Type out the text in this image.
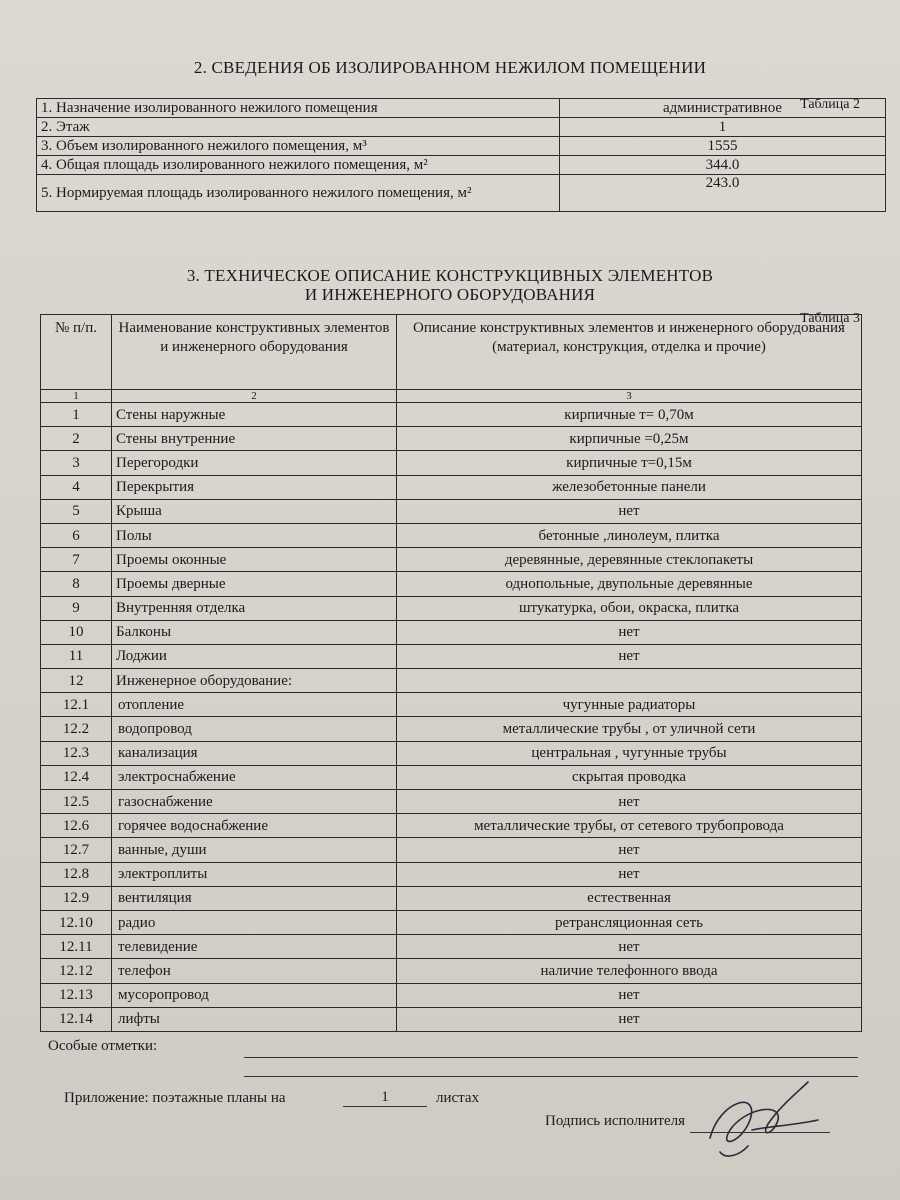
2. СВЕДЕНИЯ ОБ ИЗОЛИРОВАННОМ НЕЖИЛОМ ПОМЕЩЕНИИ
Таблица 2
1. Назначение изолированного нежилого помещения	административное
2. Этаж	1
3. Объем изолированного нежилого помещения, м³	1555
4. Общая площадь изолированного нежилого помещения, м²	344.0
5. Нормируемая площадь изолированного нежилого помещения, м²	243.0
3. ТЕХНИЧЕСКОЕ ОПИСАНИЕ КОНСТРУКЦИВНЫХ ЭЛЕМЕНТОВ
И ИНЖЕНЕРНОГО ОБОРУДОВАНИЯ
Таблица 3
№ п/п.	Наименование конструктивных элементов и инженерного оборудования	Описание конструктивных элементов и инженерного оборудования (материал, конструкция, отделка и прочие)
1	2	3
1	Стены наружные	кирпичные т= 0,70м
2	Стены внутренние	кирпичные =0,25м
3	Перегородки	кирпичные т=0,15м
4	Перекрытия	железобетонные панели
5	Крыша	нет
6	Полы	бетонные ,линолеум, плитка
7	Проемы оконные	деревянные, деревянные стеклопакеты
8	Проемы дверные	однопольные, двупольные деревянные
9	Внутренняя отделка	штукатурка, обои, окраска, плитка
10	Балконы	нет
11	Лоджии	нет
12	Инженерное оборудование:	
12.1	отопление	чугунные радиаторы
12.2	водопровод	металлические трубы , от уличной сети
12.3	канализация	центральная , чугунные трубы
12.4	электроснабжение	скрытая проводка
12.5	газоснабжение	нет
12.6	горячее водоснабжение	металлические трубы, от сетевого трубопровода
12.7	ванные, души	нет
12.8	электроплиты	нет
12.9	вентиляция	естественная
12.10	радио	ретрансляционная сеть
12.11	телевидение	нет
12.12	телефон	наличие телефонного ввода
12.13	мусоропровод	нет
12.14	лифты	нет
Особые отметки:
Приложение: поэтажные планы на	1	листах
Подпись исполнителя
